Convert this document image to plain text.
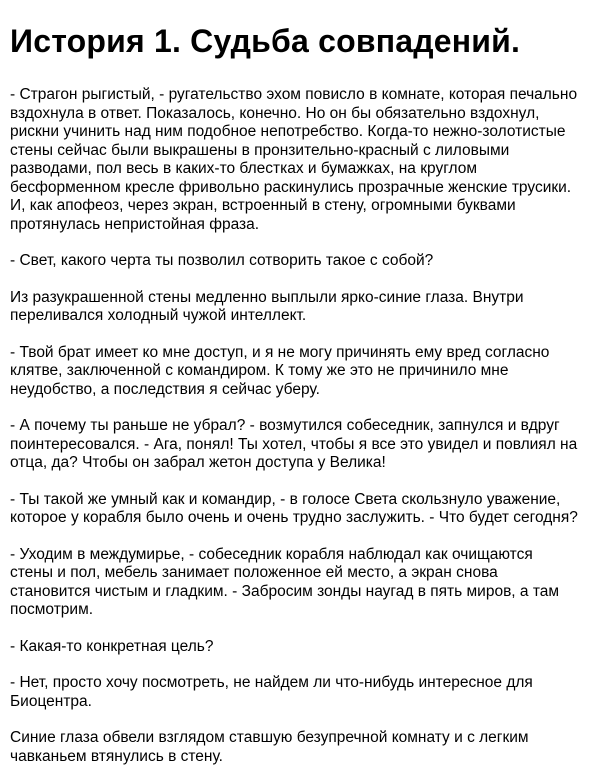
История 1. Судьба совпадений.

- Страгон рыгистый, - ругательство эхом повисло в комнате, которая печально вздохнула в ответ. Показалось, конечно. Но он бы обязательно вздохнул, рискни учинить над ним подобное непотребство. Когда-то нежно-золотистые стены сейчас были выкрашены в пронзительно-красный с лиловыми разводами, пол весь в каких-то блестках и бумажках, на круглом бесформенном кресле фривольно раскинулись прозрачные женские трусики. И, как апофеоз, через экран, встроенный в стену, огромными буквами протянулась непристойная фраза.

- Свет, какого черта ты позволил сотворить такое с собой?

Из разукрашенной стены медленно выплыли ярко-синие глаза. Внутри переливался холодный чужой интеллект.

- Твой брат имеет ко мне доступ, и я не могу причинять ему вред согласно клятве, заключенной с командиром. К тому же это не причинило мне неудобство, а последствия я сейчас уберу.

- А почему ты раньше не убрал? - возмутился собеседник, запнулся и вдруг поинтересовался. - Ага, понял! Ты хотел, чтобы я все это увидел и повлиял на отца, да? Чтобы он забрал жетон доступа у Велика!

- Ты такой же умный как и командир, - в голосе Света скользнуло уважение, которое у корабля было очень и очень трудно заслужить. - Что будет сегодня?

- Уходим в междумирье, - собеседник корабля наблюдал как очищаются стены и пол, мебель занимает положенное ей место, а экран снова становится чистым и гладким. - Забросим зонды наугад в пять миров, а там посмотрим.

- Какая-то конкретная цель?

- Нет, просто хочу посмотреть, не найдем ли что-нибудь интересное для Биоцентра.

Синие глаза обвели взглядом ставшую безупречной комнату и с легким чавканьем втянулись в стену.
